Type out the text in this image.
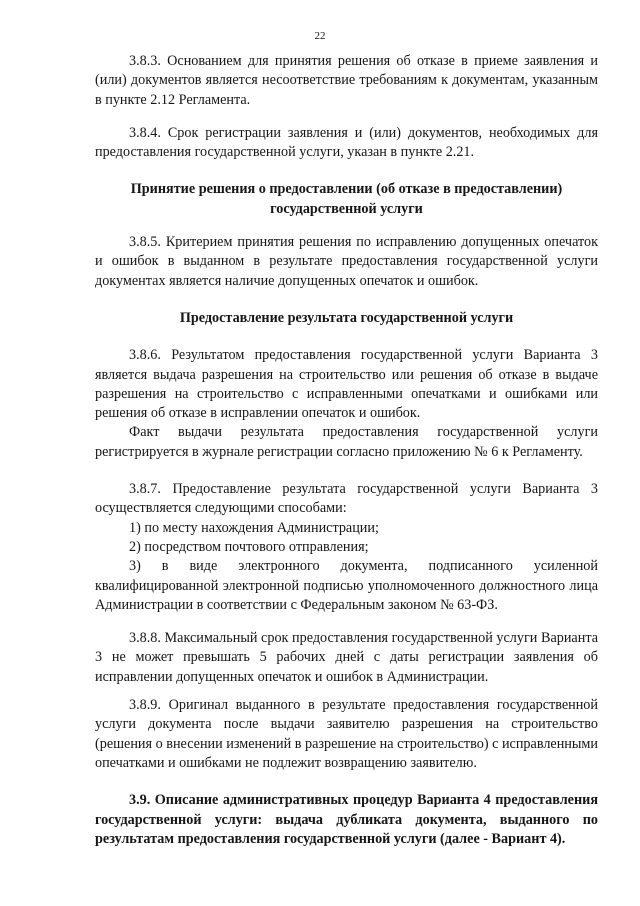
22

3.8.3. Основанием для принятия решения об отказе в приеме заявления и (или) документов является несоответствие требованиям к документам, указанным в пункте 2.12 Регламента.

3.8.4. Срок регистрации заявления и (или) документов, необходимых для предоставления государственной услуги, указан в пункте 2.21.

Принятие решения о предоставлении (об отказе в предоставлении) государственной услуги

3.8.5. Критерием принятия решения по исправлению допущенных опечаток и ошибок в выданном в результате предоставления государственной услуги документах является наличие допущенных опечаток и ошибок.

Предоставление результата государственной услуги

3.8.6. Результатом предоставления государственной услуги Варианта 3 является выдача разрешения на строительство или решения об отказе в выдаче разрешения на строительство с исправленными опечатками и ошибками или решения об отказе в исправлении опечаток и ошибок.

Факт выдачи результата предоставления государственной услуги регистрируется в журнале регистрации согласно приложению № 6 к Регламенту.

3.8.7. Предоставление результата государственной услуги Варианта 3 осуществляется следующими способами:

1) по месту нахождения Администрации;

2) посредством почтового отправления;

3) в виде электронного документа, подписанного усиленной квалифицированной электронной подписью уполномоченного должностного лица Администрации в соответствии с Федеральным законом № 63-ФЗ.

3.8.8. Максимальный срок предоставления государственной услуги Варианта 3 не может превышать 5 рабочих дней с даты регистрации заявления об исправлении допущенных опечаток и ошибок в Администрации.

3.8.9. Оригинал выданного в результате предоставления государственной услуги документа после выдачи заявителю разрешения на строительство (решения о внесении изменений в разрешение на строительство) с исправленными опечатками и ошибками не подлежит возвращению заявителю.

3.9. Описание административных процедур Варианта 4 предоставления государственной услуги: выдача дубликата документа, выданного по результатам предоставления государственной услуги (далее - Вариант 4).
